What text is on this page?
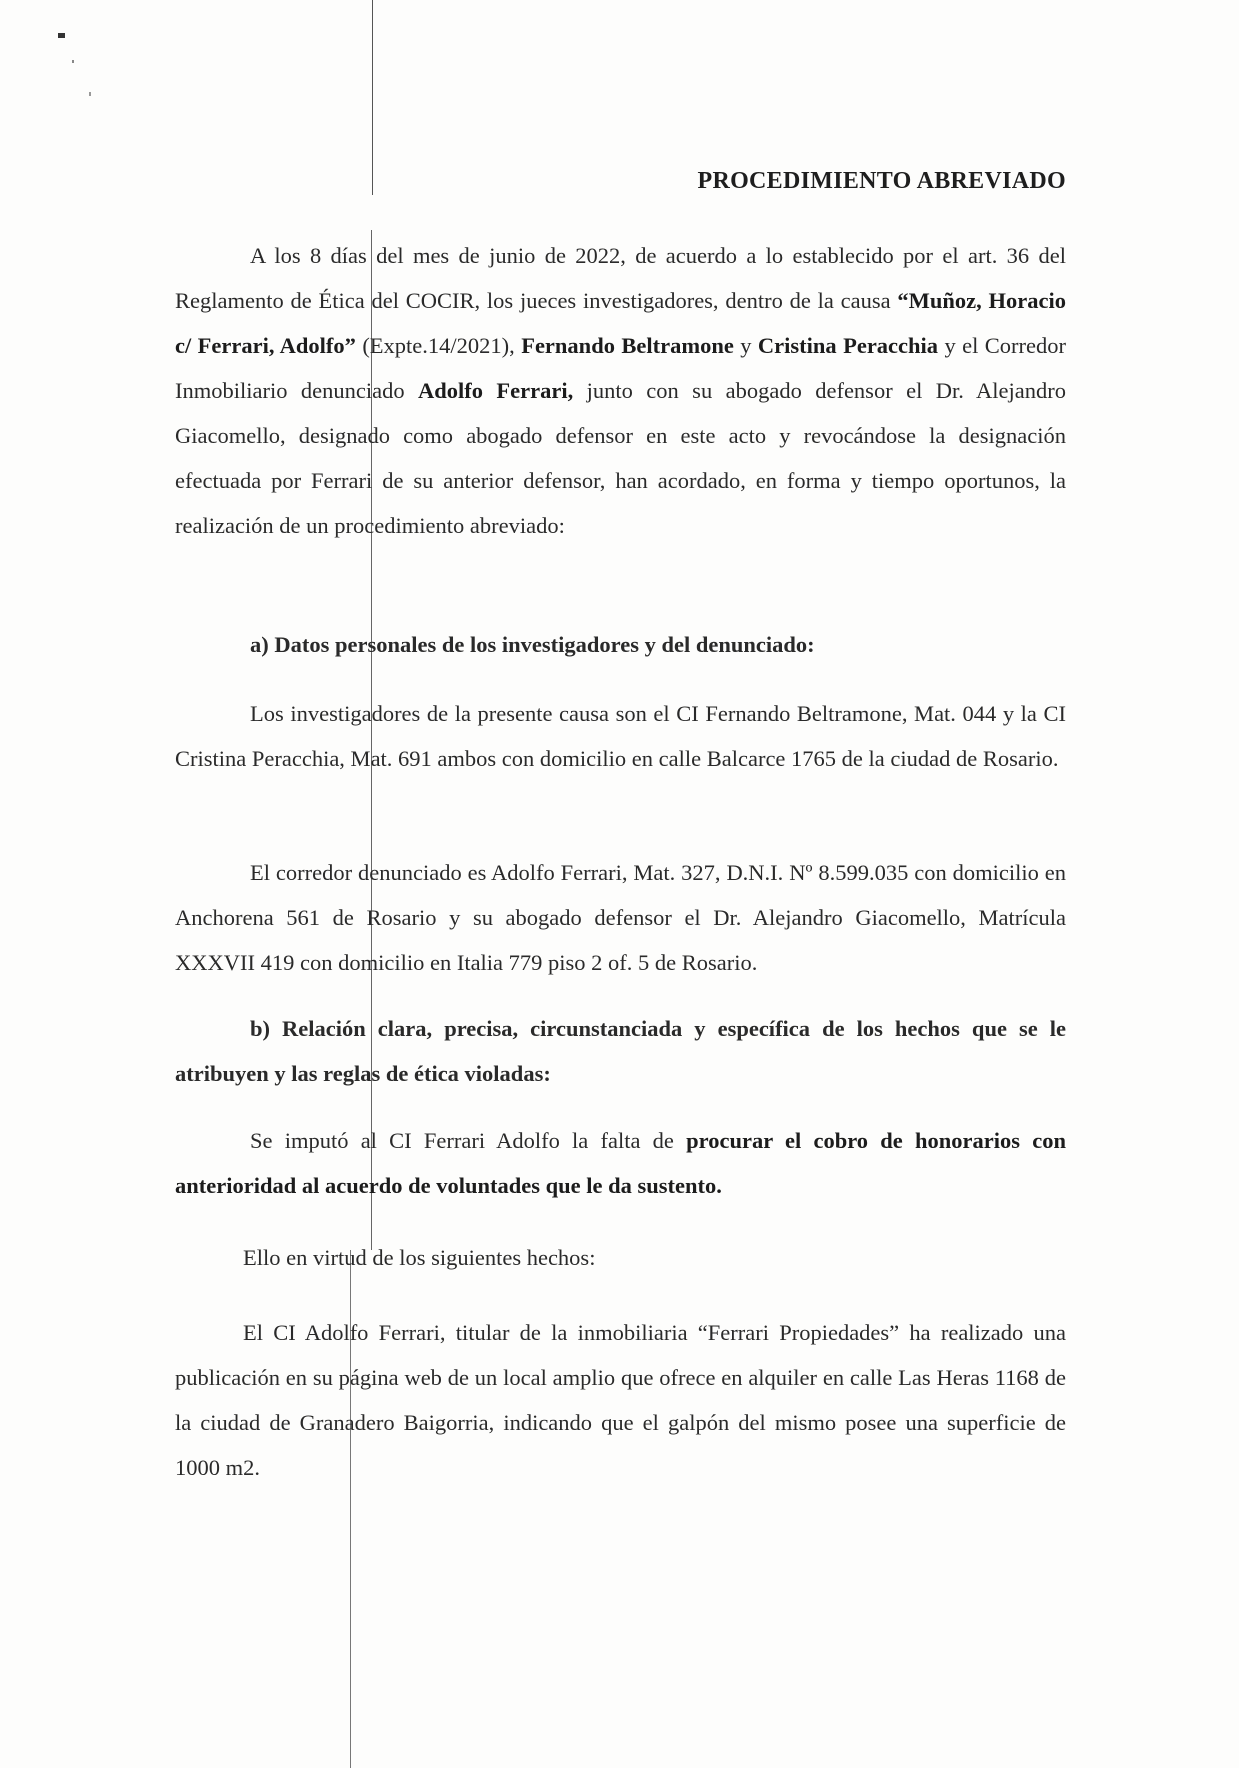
PROCEDIMIENTO ABREVIADO

A los 8 días del mes de junio de 2022, de acuerdo a lo establecido por el art. 36 del Reglamento de Ética del COCIR, los jueces investigadores, dentro de la causa “Muñoz, Horacio c/ Ferrari, Adolfo” (Expte.14/2021), Fernando Beltramone y Cristina Peracchia y el Corredor Inmobiliario denunciado Adolfo Ferrari, junto con su abogado defensor el Dr. Alejandro Giacomello, designado como abogado defensor en este acto y revocándose la designación efectuada por Ferrari de su anterior defensor, han acordado, en forma y tiempo oportunos, la realización de un procedimiento abreviado:

a) Datos personales de los investigadores y del denunciado:

Los investigadores de la presente causa son el CI Fernando Beltramone, Mat. 044 y la CI Cristina Peracchia, Mat. 691 ambos con domicilio en calle Balcarce 1765 de la ciudad de Rosario.

El corredor denunciado es Adolfo Ferrari, Mat. 327, D.N.I. Nº 8.599.035 con domicilio en Anchorena 561 de Rosario y su abogado defensor el Dr. Alejandro Giacomello, Matrícula XXXVII 419 con domicilio en Italia 779 piso 2 of. 5 de Rosario.

b) Relación clara, precisa, circunstanciada y específica de los hechos que se le atribuyen y las reglas de ética violadas:

Se imputó al CI Ferrari Adolfo la falta de procurar el cobro de honorarios con anterioridad al acuerdo de voluntades que le da sustento.

Ello en virtud de los siguientes hechos:

El CI Adolfo Ferrari, titular de la inmobiliaria “Ferrari Propiedades” ha realizado una publicación en su página web de un local amplio que ofrece en alquiler en calle Las Heras 1168 de la ciudad de Granadero Baigorria, indicando que el galpón del mismo posee una superficie de 1000 m2.
